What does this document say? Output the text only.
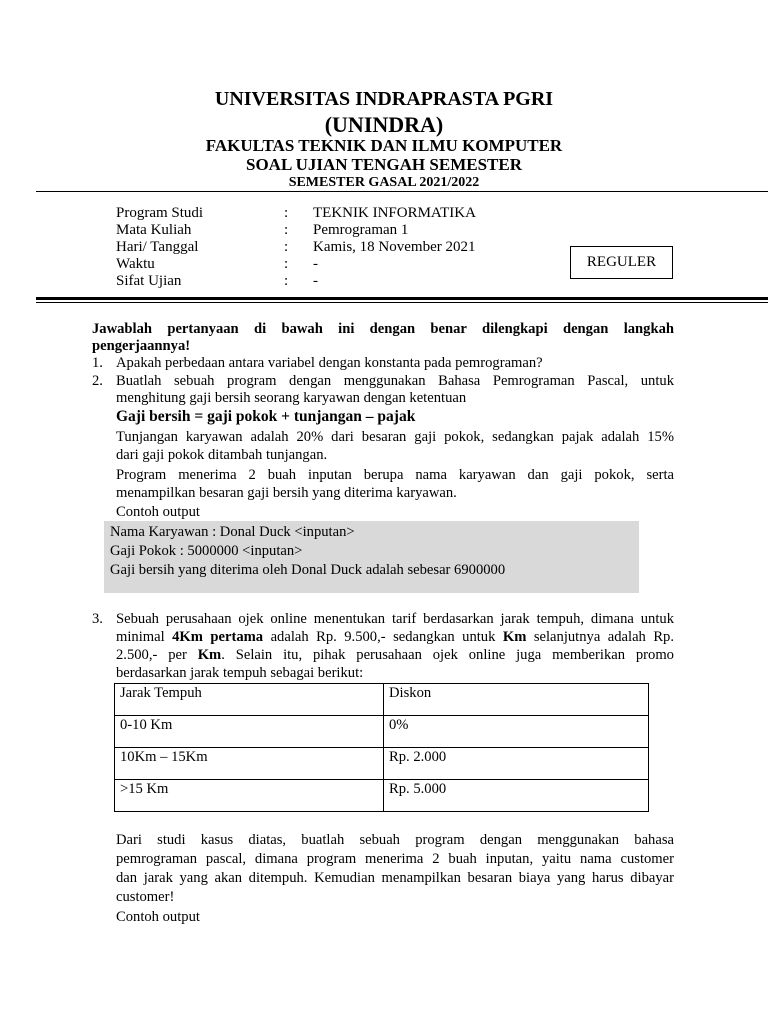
UNIVERSITAS INDRAPRASTA PGRI
(UNINDRA)
FAKULTAS TEKNIK DAN ILMU KOMPUTER
SOAL UJIAN TENGAH SEMESTER
SEMESTER GASAL 2021/2022
Program Studi	: TEKNIK INFORMATIKA
Mata Kuliah	: Pemrograman 1
Hari/ Tanggal	: Kamis, 18 November 2021
Waktu	: -
Sifat Ujian	: -
REGULER
Jawablah pertanyaan di bawah ini dengan benar dilengkapi dengan langkah
pengerjaannya!
1. Apakah perbedaan antara variabel dengan konstanta pada pemrograman?
2. Buatlah sebuah program dengan menggunakan Bahasa Pemrograman Pascal, untuk
menghitung gaji bersih seorang karyawan dengan ketentuan
Gaji bersih = gaji pokok + tunjangan – pajak
Tunjangan karyawan adalah 20% dari besaran gaji pokok, sedangkan pajak adalah 15%
dari gaji pokok ditambah tunjangan.
Program menerima 2 buah inputan berupa nama karyawan dan gaji pokok, serta
menampilkan besaran gaji bersih yang diterima karyawan.
Contoh output
Nama Karyawan : Donal Duck <inputan>
Gaji Pokok : 5000000 <inputan>
Gaji bersih yang diterima oleh Donal Duck adalah sebesar 6900000
3. Sebuah perusahaan ojek online menentukan tarif berdasarkan jarak tempuh, dimana untuk
minimal 4Km pertama adalah Rp. 9.500,- sedangkan untuk Km selanjutnya adalah Rp.
2.500,- per Km. Selain itu, pihak perusahaan ojek online juga memberikan promo
berdasarkan jarak tempuh sebagai berikut:
Jarak Tempuh	Diskon
0-10 Km	0%
10Km – 15Km	Rp. 2.000
>15 Km	Rp. 5.000
Dari studi kasus diatas, buatlah sebuah program dengan menggunakan bahasa
pemrograman pascal, dimana program menerima 2 buah inputan, yaitu nama customer
dan jarak yang akan ditempuh. Kemudian menampilkan besaran biaya yang harus dibayar
customer!
Contoh output
